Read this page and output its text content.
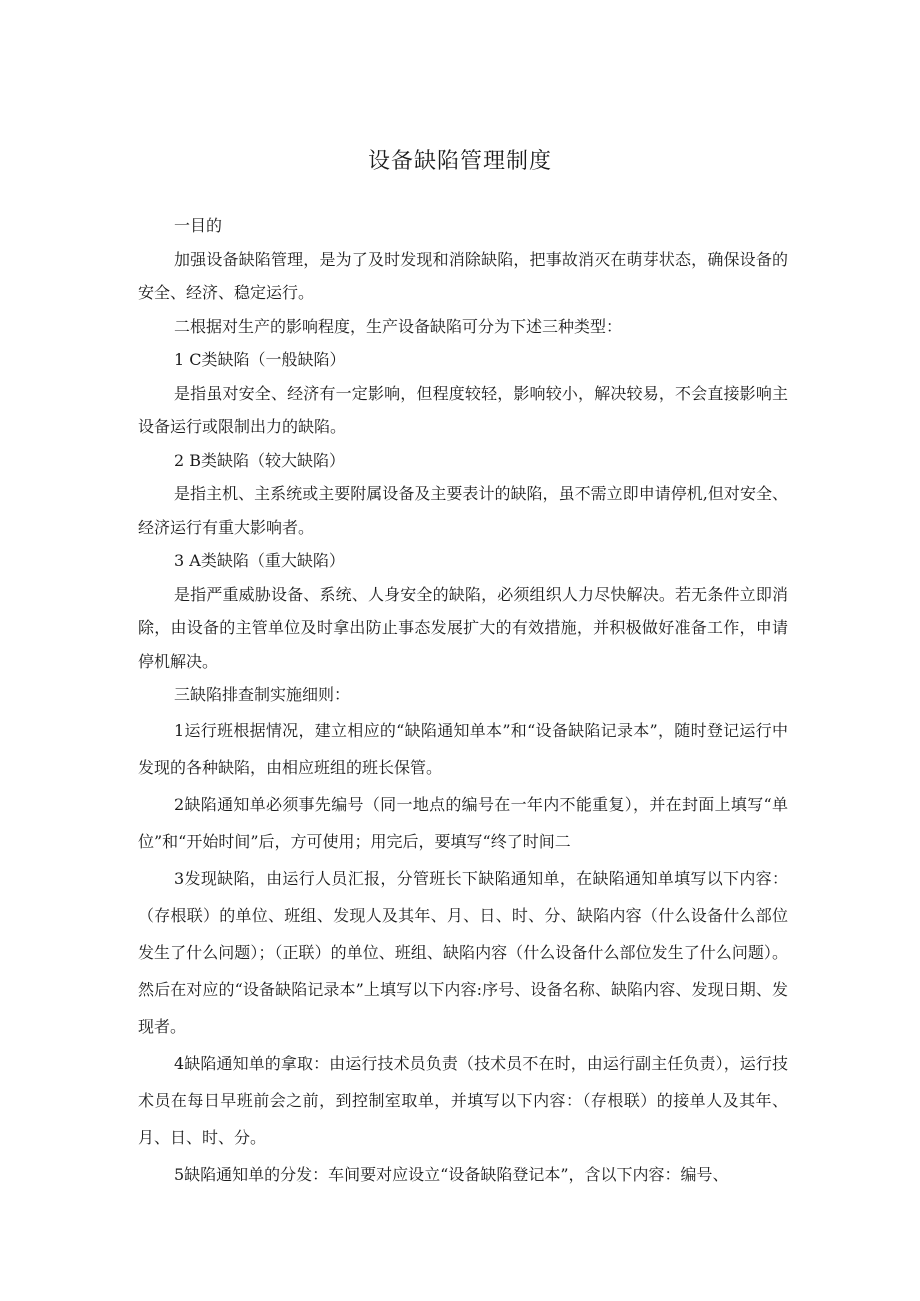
设备缺陷管理制度

一目的

加强设备缺陷管理，是为了及时发现和消除缺陷，把事故消灭在萌芽状态，确保设备的安全、经济、稳定运行。

二根据对生产的影响程度，生产设备缺陷可分为下述三种类型：

1 C类缺陷（一般缺陷）

是指虽对安全、经济有一定影响，但程度较轻，影响较小，解决较易，不会直接影响主设备运行或限制出力的缺陷。

2 B类缺陷（较大缺陷）

是指主机、主系统或主要附属设备及主要表计的缺陷，虽不需立即申请停机,但对安全、经济运行有重大影响者。

3 A类缺陷（重大缺陷）

是指严重威胁设备、系统、人身安全的缺陷，必须组织人力尽快解决。若无条件立即消除，由设备的主管单位及时拿出防止事态发展扩大的有效措施，并积极做好准备工作，申请停机解决。

三缺陷排查制实施细则：

1运行班根据情况，建立相应的“缺陷通知单本”和“设备缺陷记录本”，随时登记运行中发现的各种缺陷，由相应班组的班长保管。

2缺陷通知单必须事先编号（同一地点的编号在一年内不能重复），并在封面上填写“单位”和“开始时间”后，方可使用；用完后，要填写“终了时间二

3发现缺陷，由运行人员汇报，分管班长下缺陷通知单，在缺陷通知单填写以下内容：（存根联）的单位、班组、发现人及其年、月、日、时、分、缺陷内容（什么设备什么部位发生了什么问题）；（正联）的单位、班组、缺陷内容（什么设备什么部位发生了什么问题）。然后在对应的“设备缺陷记录本”上填写以下内容:序号、设备名称、缺陷内容、发现日期、发现者。

4缺陷通知单的拿取：由运行技术员负责（技术员不在时，由运行副主任负责），运行技术员在每日早班前会之前，到控制室取单，并填写以下内容：（存根联）的接单人及其年、月、日、时、分。

5缺陷通知单的分发：车间要对应设立“设备缺陷登记本”，含以下内容：编号、
